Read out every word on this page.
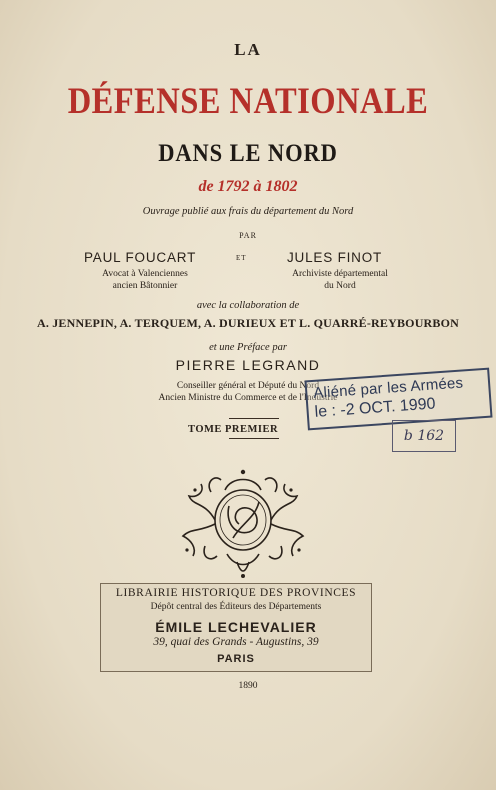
LA
DÉFENSE NATIONALE
DANS LE NORD
de 1792 à 1802
Ouvrage publié aux frais du département du Nord
PAR
PAUL FOUCART	ET	JULES FINOT
Avocat à Valenciennes
ancien Bâtonnier
Archiviste départemental
du Nord
avec la collaboration de
A. JENNEPIN, A. TERQUEM, A. DURIEUX ET L. QUARRÉ-REYBOURBON
et une Préface par
PIERRE LEGRAND
Conseiller général et Député du Nord
Ancien Ministre du Commerce et de l'Industrie
TOME PREMIER
LIBRAIRIE HISTORIQUE DES PROVINCES
Dépôt central des Éditeurs des Départements
ÉMILE LECHEVALIER
39, quai des Grands - Augustins, 39
PARIS
1890
Aliéné par les Armées
le : -2 OCT. 1990
b 162
